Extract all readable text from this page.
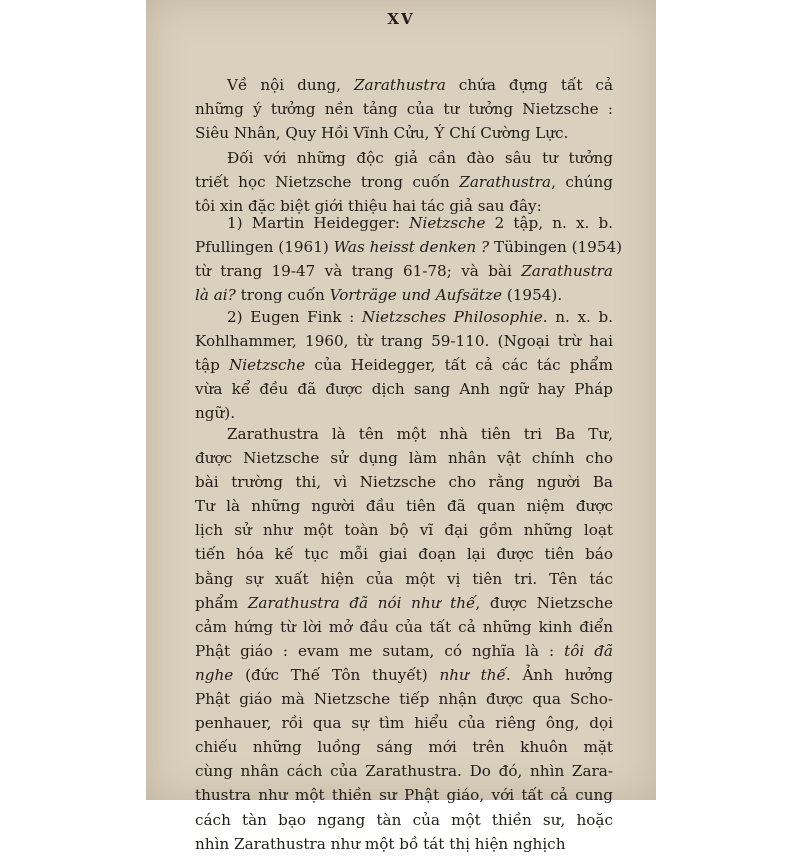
XV
Về nội dung, Zarathustra chứa đựng tất cả
những ý tưởng nền tảng của tư tưởng Nietzsche :
Siêu Nhân, Quy Hồi Vĩnh Cửu, Ý Chí Cường Lực.
Đối với những độc giả cần đào sâu tư tưởng
triết học Nietzsche trong cuốn Zarathustra, chúng
tôi xin đặc biệt giới thiệu hai tác giả sau đây:
1) Martin Heidegger: Nietzsche 2 tập, n. x. b.
Pfullingen (1961) Was heisst denken ? Tübingen (1954)
từ trang 19-47 và trang 61-78; và bài Zarathustra
là ai? trong cuốn Vorträge und Aufsätze (1954).
2) Eugen Fink : Nietzsches Philosophie. n. x. b.
Kohlhammer, 1960, từ trang 59-110. (Ngoại trừ hai
tập Nietzsche của Heidegger, tất cả các tác phẩm
vừa kể đều đã được dịch sang Anh ngữ hay Pháp
ngữ).
Zarathustra là tên một nhà tiên tri Ba Tư,
được Nietzsche sử dụng làm nhân vật chính cho
bài trường thi, vì Nietzsche cho rằng người Ba
Tư là những người đầu tiên đã quan niệm được
lịch sử như một toàn bộ vĩ đại gồm những loạt
tiến hóa kế tục mỗi giai đoạn lại được tiên báo
bằng sự xuất hiện của một vị tiên tri. Tên tác
phẩm Zarathustra đã nói như thế, được Nietzsche
cảm hứng từ lời mở đầu của tất cả những kinh điển
Phật giáo : evam me sutam, có nghĩa là : tôi đã
nghe (đức Thế Tôn thuyết) như thế. Ảnh hưởng
Phật giáo mà Nietzsche tiếp nhận được qua Scho-
penhauer, rồi qua sự tìm hiểu của riêng ông, dọi
chiếu những luồng sáng mới trên khuôn mặt
cùng nhân cách của Zarathustra. Do đó, nhìn Zara-
thustra như một thiền sư Phật giáo, với tất cả cung
cách tàn bạo ngang tàn của một thiền sư, hoặc
nhìn Zarathustra như một bồ tát thị hiện nghịch
